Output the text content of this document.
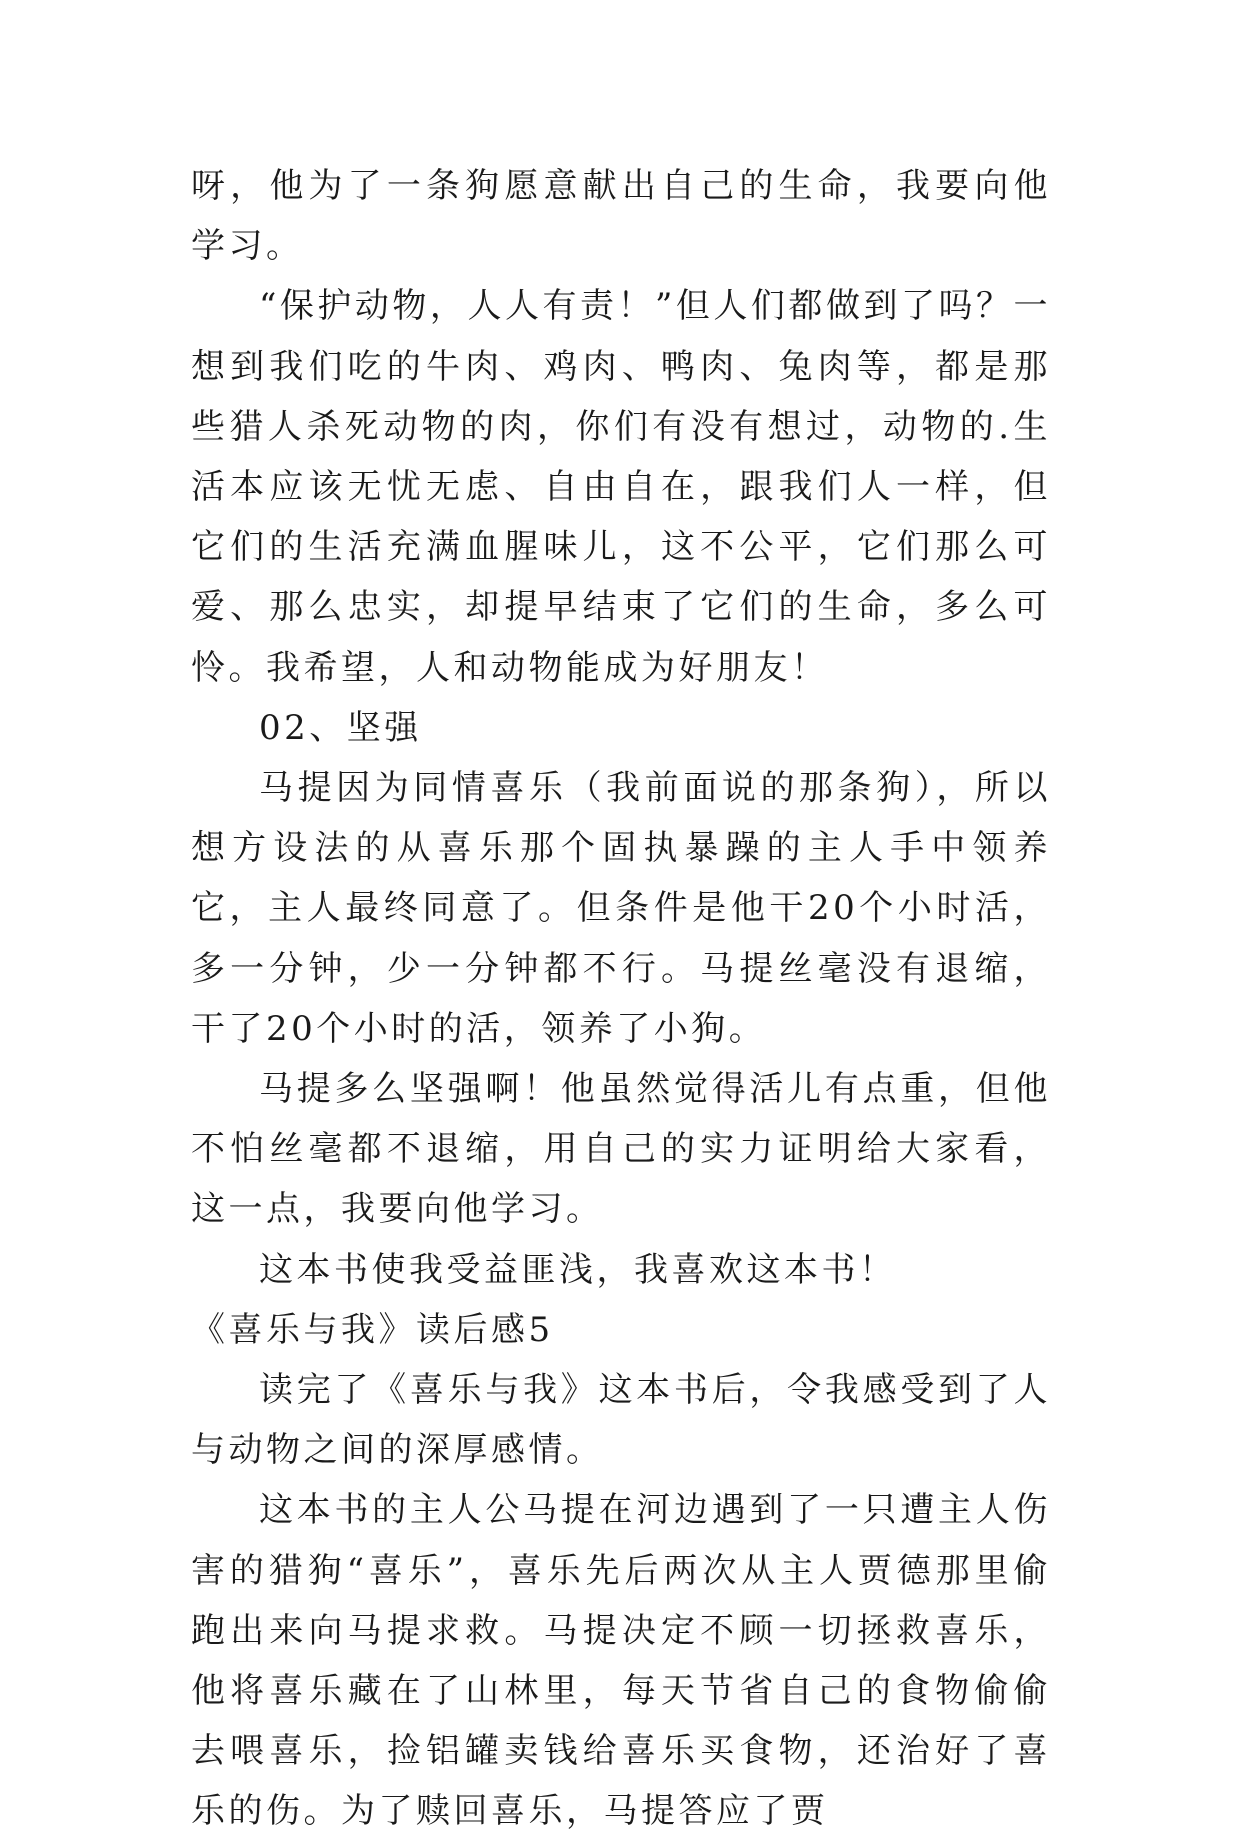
呀，他为了一条狗愿意献出自己的生命，我要向他学习。

“保护动物，人人有责！”但人们都做到了吗？一想到我们吃的牛肉、鸡肉、鸭肉、兔肉等，都是那些猎人杀死动物的肉，你们有没有想过，动物的.生活本应该无忧无虑、自由自在，跟我们人一样，但它们的生活充满血腥味儿，这不公平，它们那么可爱、那么忠实，却提早结束了它们的生命，多么可怜。我希望，人和动物能成为好朋友！

02、坚强

马提因为同情喜乐（我前面说的那条狗），所以想方设法的从喜乐那个固执暴躁的主人手中领养它，主人最终同意了。但条件是他干20个小时活，多一分钟，少一分钟都不行。马提丝毫没有退缩，干了20个小时的活，领养了小狗。

马提多么坚强啊！他虽然觉得活儿有点重，但他不怕丝毫都不退缩，用自己的实力证明给大家看，这一点，我要向他学习。

这本书使我受益匪浅，我喜欢这本书！

《喜乐与我》读后感5

读完了《喜乐与我》这本书后，令我感受到了人与动物之间的深厚感情。

这本书的主人公马提在河边遇到了一只遭主人伤害的猎狗“喜乐”，喜乐先后两次从主人贾德那里偷跑出来向马提求救。马提决定不顾一切拯救喜乐，他将喜乐藏在了山林里，每天节省自己的食物偷偷去喂喜乐，捡铝罐卖钱给喜乐买食物，还治好了喜乐的伤。为了赎回喜乐，马提答应了贾
